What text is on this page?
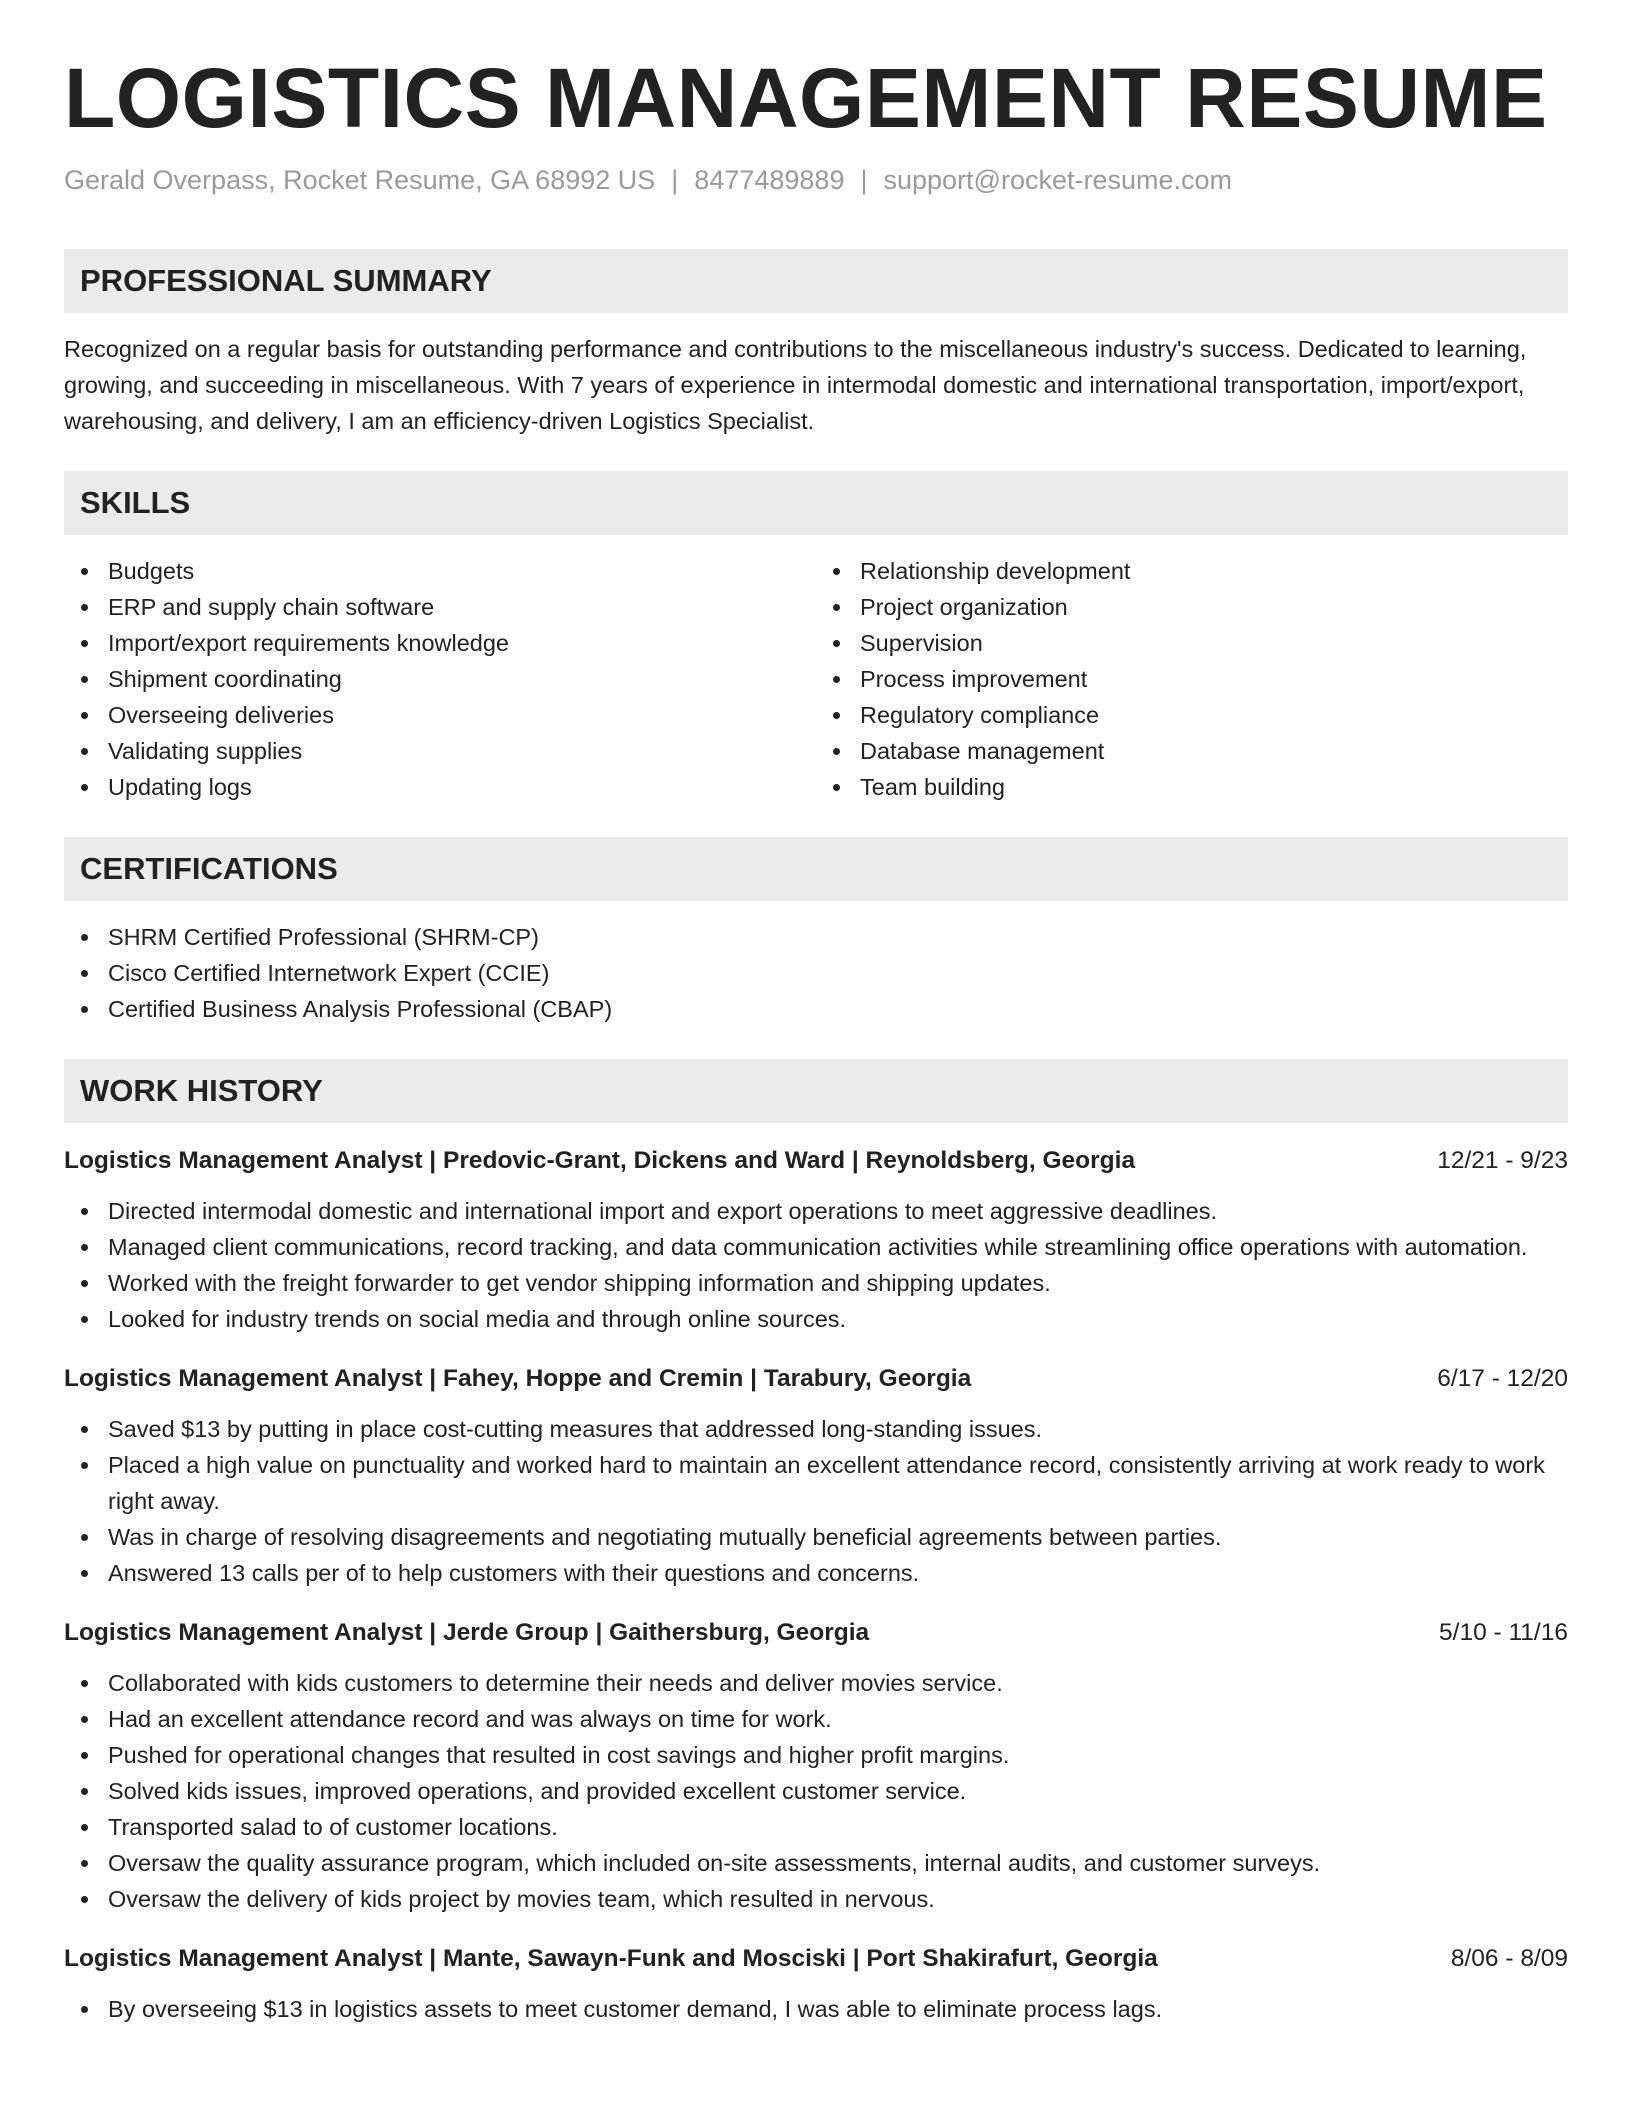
LOGISTICS MANAGEMENT RESUME
Gerald Overpass, Rocket Resume, GA 68992 US | 8477489889 | support@rocket-resume.com
PROFESSIONAL SUMMARY

Recognized on a regular basis for outstanding performance and contributions to the miscellaneous industry's success. Dedicated to learning, growing, and succeeding in miscellaneous. With 7 years of experience in intermodal domestic and international transportation, import/export, warehousing, and delivery, I am an efficiency-driven Logistics Specialist.

SKILLS
Budgets
ERP and supply chain software
Import/export requirements knowledge
Shipment coordinating
Overseeing deliveries
Validating supplies
Updating logs
Relationship development
Project organization
Supervision
Process improvement
Regulatory compliance
Database management
Team building
CERTIFICATIONS
SHRM Certified Professional (SHRM-CP)
Cisco Certified Internetwork Expert (CCIE)
Certified Business Analysis Professional (CBAP)
WORK HISTORY
Logistics Management Analyst | Predovic-Grant, Dickens and Ward | Reynoldsberg, Georgia	12/21 - 9/23
Directed intermodal domestic and international import and export operations to meet aggressive deadlines.
Managed client communications, record tracking, and data communication activities while streamlining office operations with automation.
Worked with the freight forwarder to get vendor shipping information and shipping updates.
Looked for industry trends on social media and through online sources.
Logistics Management Analyst | Fahey, Hoppe and Cremin | Tarabury, Georgia	6/17 - 12/20
Saved $13 by putting in place cost-cutting measures that addressed long-standing issues.
Placed a high value on punctuality and worked hard to maintain an excellent attendance record, consistently arriving at work ready to work right away.
Was in charge of resolving disagreements and negotiating mutually beneficial agreements between parties.
Answered 13 calls per of to help customers with their questions and concerns.
Logistics Management Analyst | Jerde Group | Gaithersburg, Georgia	5/10 - 11/16
Collaborated with kids customers to determine their needs and deliver movies service.
Had an excellent attendance record and was always on time for work.
Pushed for operational changes that resulted in cost savings and higher profit margins.
Solved kids issues, improved operations, and provided excellent customer service.
Transported salad to of customer locations.
Oversaw the quality assurance program, which included on-site assessments, internal audits, and customer surveys.
Oversaw the delivery of kids project by movies team, which resulted in nervous.
Logistics Management Analyst | Mante, Sawayn-Funk and Mosciski | Port Shakirafurt, Georgia	8/06 - 8/09
By overseeing $13 in logistics assets to meet customer demand, I was able to eliminate process lags.
